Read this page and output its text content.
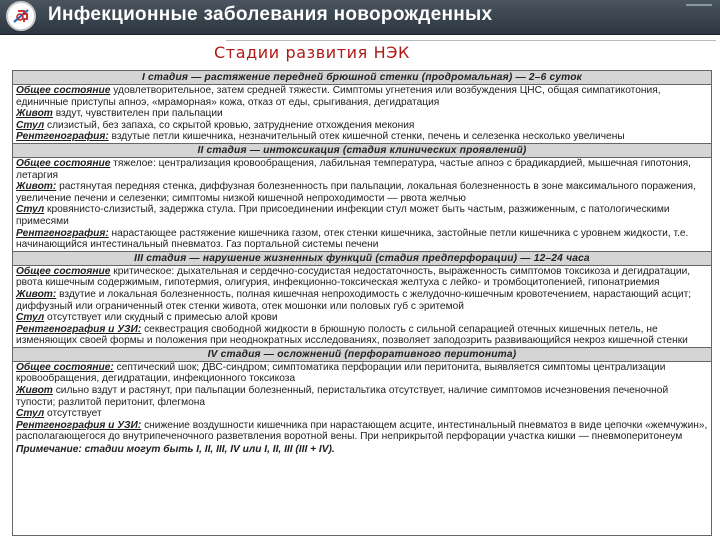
Инфекционные заболевания новорожденных
Стадии развития НЭК
I стадия — растяжение передней брюшной стенки (продромальная) — 2–6 суток
Общее состояние удовлетворительное, затем средней тяжести. Симптомы угнетения или возбуждения ЦНС, общая симпатикотония, единичные приступы апноэ, «мраморная» кожа, отказ от еды, срыгивания, дегидратация
Живот вздут, чувствителен при пальпации
Стул слизистый, без запаха, со скрытой кровью, затруднение отхождения мекония
Рентгенография: вздутые петли кишечника, незначительный отек кишечной стенки, печень и селезенка несколько увеличены
II стадия — интоксикация (стадия клинических проявлений)
Общее состояние тяжелое: централизация кровообращения, лабильная температура, частые апноэ с брадикардией, мышечная гипотония, летаргия
Живот: растянутая передняя стенка, диффузная болезненность при пальпации, локальная болезненность в зоне максимального поражения, увеличение печени и селезенки; симптомы низкой кишечной непроходимости — рвота желчью
Стул кровянисто-слизистый, задержка стула. При присоединении инфекции стул может быть частым, разжиженным, с патологическими примесями
Рентгенография: нарастающее растяжение кишечника газом, отек стенки кишечника, застойные петли кишечника с уровнем жидкости, т.е. начинающийся интестинальный пневматоз. Газ портальной системы печени
III стадия — нарушение жизненных функций (стадия предперфорации) — 12–24 часа
Общее состояние критическое: дыхательная и сердечно-сосудистая недостаточность, выраженность симптомов токсикоза и дегидратации, рвота кишечным содержимым, гипотермия, олигурия, инфекционно-токсическая желтуха с лейко- и тромбоцитопенией, гипонатриемия
Живот: вздутие и локальная болезненность, полная кишечная непроходимость с желудочно-кишечным кровотечением, нарастающий асцит; диффузный или ограниченный отек стенки живота, отек мошонки или половых губ с эритемой
Стул отсутствует или скудный с примесью алой крови
Рентгенография и УЗИ: секвестрация свободной жидкости в брюшную полость с сильной сепарацией отечных кишечных петель, не изменяющих своей формы и положения при неоднократных исследованиях, позволяет заподозрить развивающийся некроз кишечной стенки
IV стадия — осложнений (перфоративного перитонита)
Общее состояние: септический шок; ДВС-синдром; симптоматика перфорации или перитонита, выявляется симптомы централизации кровообращения, дегидратации, инфекционного токсикоза
Живот сильно вздут и растянут, при пальпации болезненный, перистальтика отсутствует, наличие симптомов исчезновения печеночной тупости; разлитой перитонит, флегмона
Стул отсутствует
Рентгенография и УЗИ: снижение воздушности кишечника при нарастающем асците, интестинальный пневматоз в виде цепочки «жемчужин», располагающегося до внутрипеченочного разветвления воротной вены. При неприкрытой перфорации участка кишки — пневмоперитонеум
Примечание: стадии могут быть I, II, III, IV или I, II, III (III + IV).
